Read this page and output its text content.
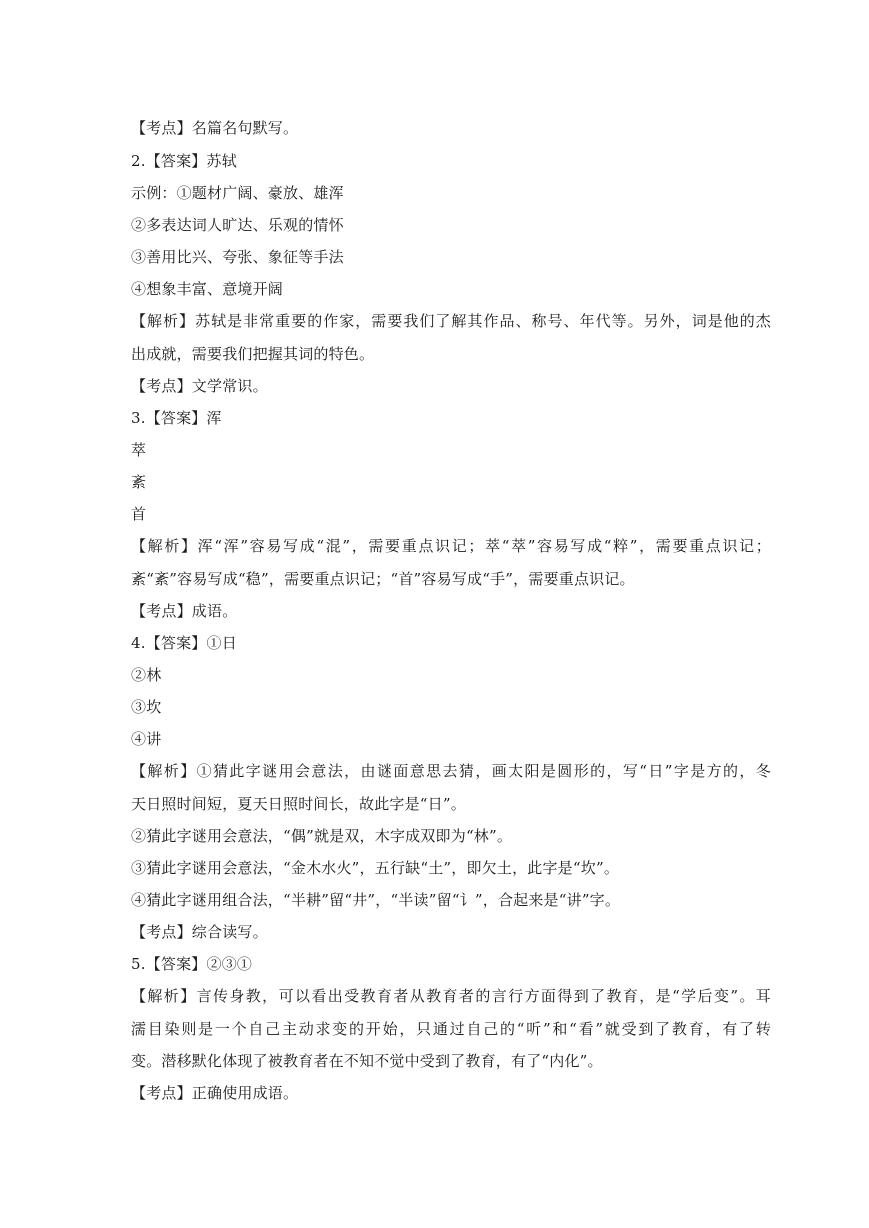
【考点】名篇名句默写。
2.【答案】苏轼
示例：①题材广阔、豪放、雄浑
②多表达词人旷达、乐观的情怀
③善用比兴、夸张、象征等手法
④想象丰富、意境开阔
【解析】苏轼是非常重要的作家，需要我们了解其作品、称号、年代等。另外，词是他的杰
出成就，需要我们把握其词的特色。
【考点】文学常识。
3.【答案】浑
萃
紊
首
【解析】浑“浑”容易写成“混”，需要重点识记；萃“萃”容易写成“粹”，需要重点识记；
紊“紊”容易写成“稳”，需要重点识记；“首”容易写成“手”，需要重点识记。
【考点】成语。
4.【答案】①日
②林
③坎
④讲
【解析】①猜此字谜用会意法，由谜面意思去猜，画太阳是圆形的，写“日”字是方的，冬
天日照时间短，夏天日照时间长，故此字是“日”。
②猜此字谜用会意法，“偶”就是双，木字成双即为“林”。
③猜此字谜用会意法，“金木水火”，五行缺“土”，即欠土，此字是“坎”。
④猜此字谜用组合法，“半耕”留“井”，“半读”留“讠”，合起来是“讲”字。
【考点】综合读写。
5.【答案】②③①
【解析】言传身教，可以看出受教育者从教育者的言行方面得到了教育，是“学后变”。耳
濡目染则是一个自己主动求变的开始，只通过自己的“听”和“看”就受到了教育，有了转
变。潜移默化体现了被教育者在不知不觉中受到了教育，有了“内化”。
【考点】正确使用成语。
